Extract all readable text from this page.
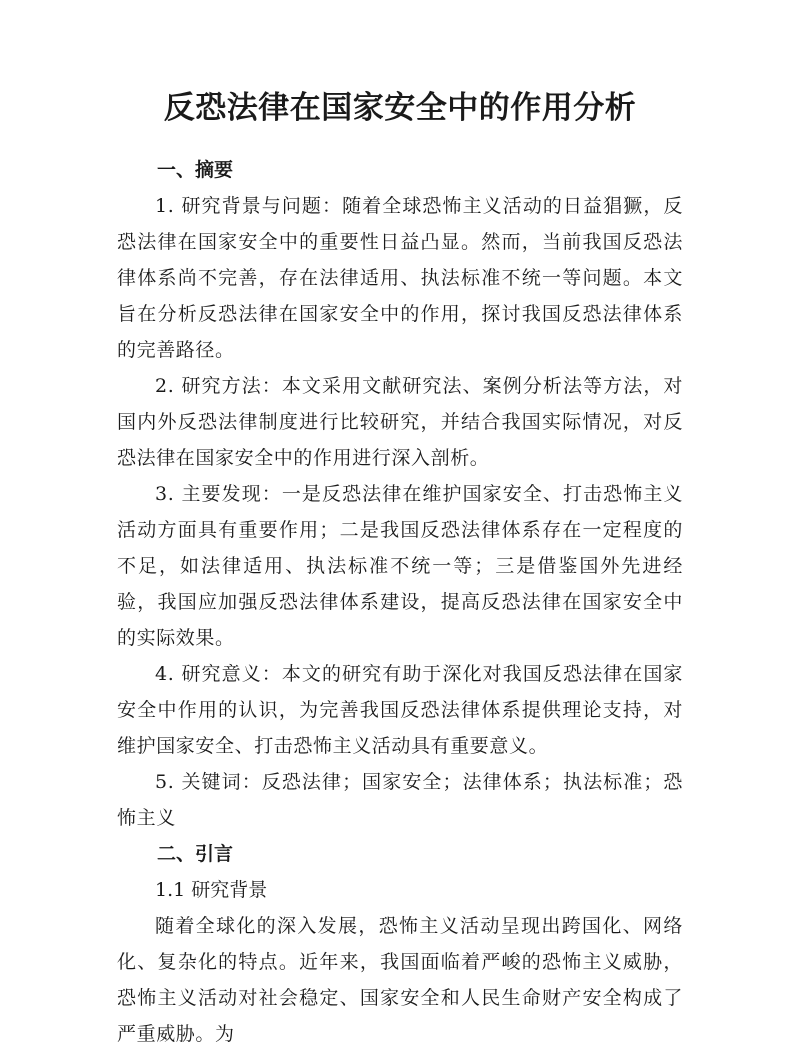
反恐法律在国家安全中的作用分析

一、摘要

1. 研究背景与问题：随着全球恐怖主义活动的日益猖獗，反恐法律在国家安全中的重要性日益凸显。然而，当前我国反恐法律体系尚不完善，存在法律适用、执法标准不统一等问题。本文旨在分析反恐法律在国家安全中的作用，探讨我国反恐法律体系的完善路径。

2. 研究方法：本文采用文献研究法、案例分析法等方法，对国内外反恐法律制度进行比较研究，并结合我国实际情况，对反恐法律在国家安全中的作用进行深入剖析。

3. 主要发现：一是反恐法律在维护国家安全、打击恐怖主义活动方面具有重要作用；二是我国反恐法律体系存在一定程度的不足，如法律适用、执法标准不统一等；三是借鉴国外先进经验，我国应加强反恐法律体系建设，提高反恐法律在国家安全中的实际效果。

4. 研究意义：本文的研究有助于深化对我国反恐法律在国家安全中作用的认识，为完善我国反恐法律体系提供理论支持，对维护国家安全、打击恐怖主义活动具有重要意义。

5. 关键词：反恐法律；国家安全；法律体系；执法标准；恐怖主义

二、引言

1.1 研究背景

随着全球化的深入发展，恐怖主义活动呈现出跨国化、网络化、复杂化的特点。近年来，我国面临着严峻的恐怖主义威胁，恐怖主义活动对社会稳定、国家安全和人民生命财产安全构成了严重威胁。为
